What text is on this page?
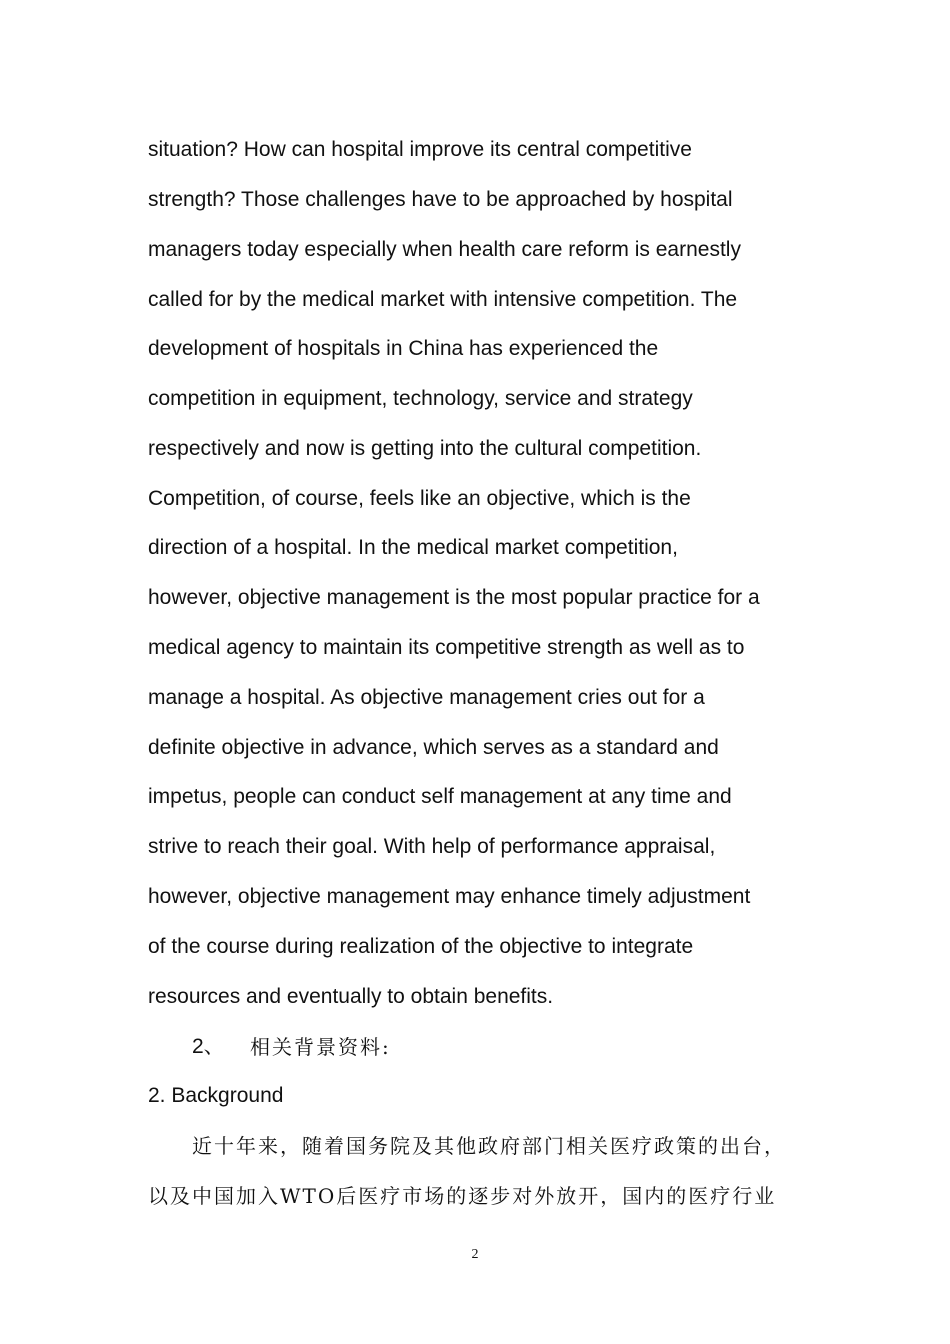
situation? How can hospital improve its central competitive
strength? Those challenges have to be approached by hospital
managers today especially when health care reform is earnestly
called for by the medical market with intensive competition. The
development of hospitals in China has experienced the
competition in equipment, technology, service and strategy
respectively and now is getting into the cultural competition.
Competition, of course, feels like an objective, which is the
direction of a hospital. In the medical market competition,
however, objective management is the most popular practice for a
medical agency to maintain its competitive strength as well as to
manage a hospital. As objective management cries out for a
definite objective in advance, which serves as a standard and
impetus, people can conduct self management at any time and
strive to reach their goal. With help of performance appraisal,
however, objective management may enhance timely adjustment
of the course during realization of the objective to integrate
resources and eventually to obtain benefits.
2、 相关背景资料:
2. Background
近十年来，随着国务院及其他政府部门相关医疗政策的出台，
以及中国加入WTO后医疗市场的逐步对外放开，国内的医疗行业
2
